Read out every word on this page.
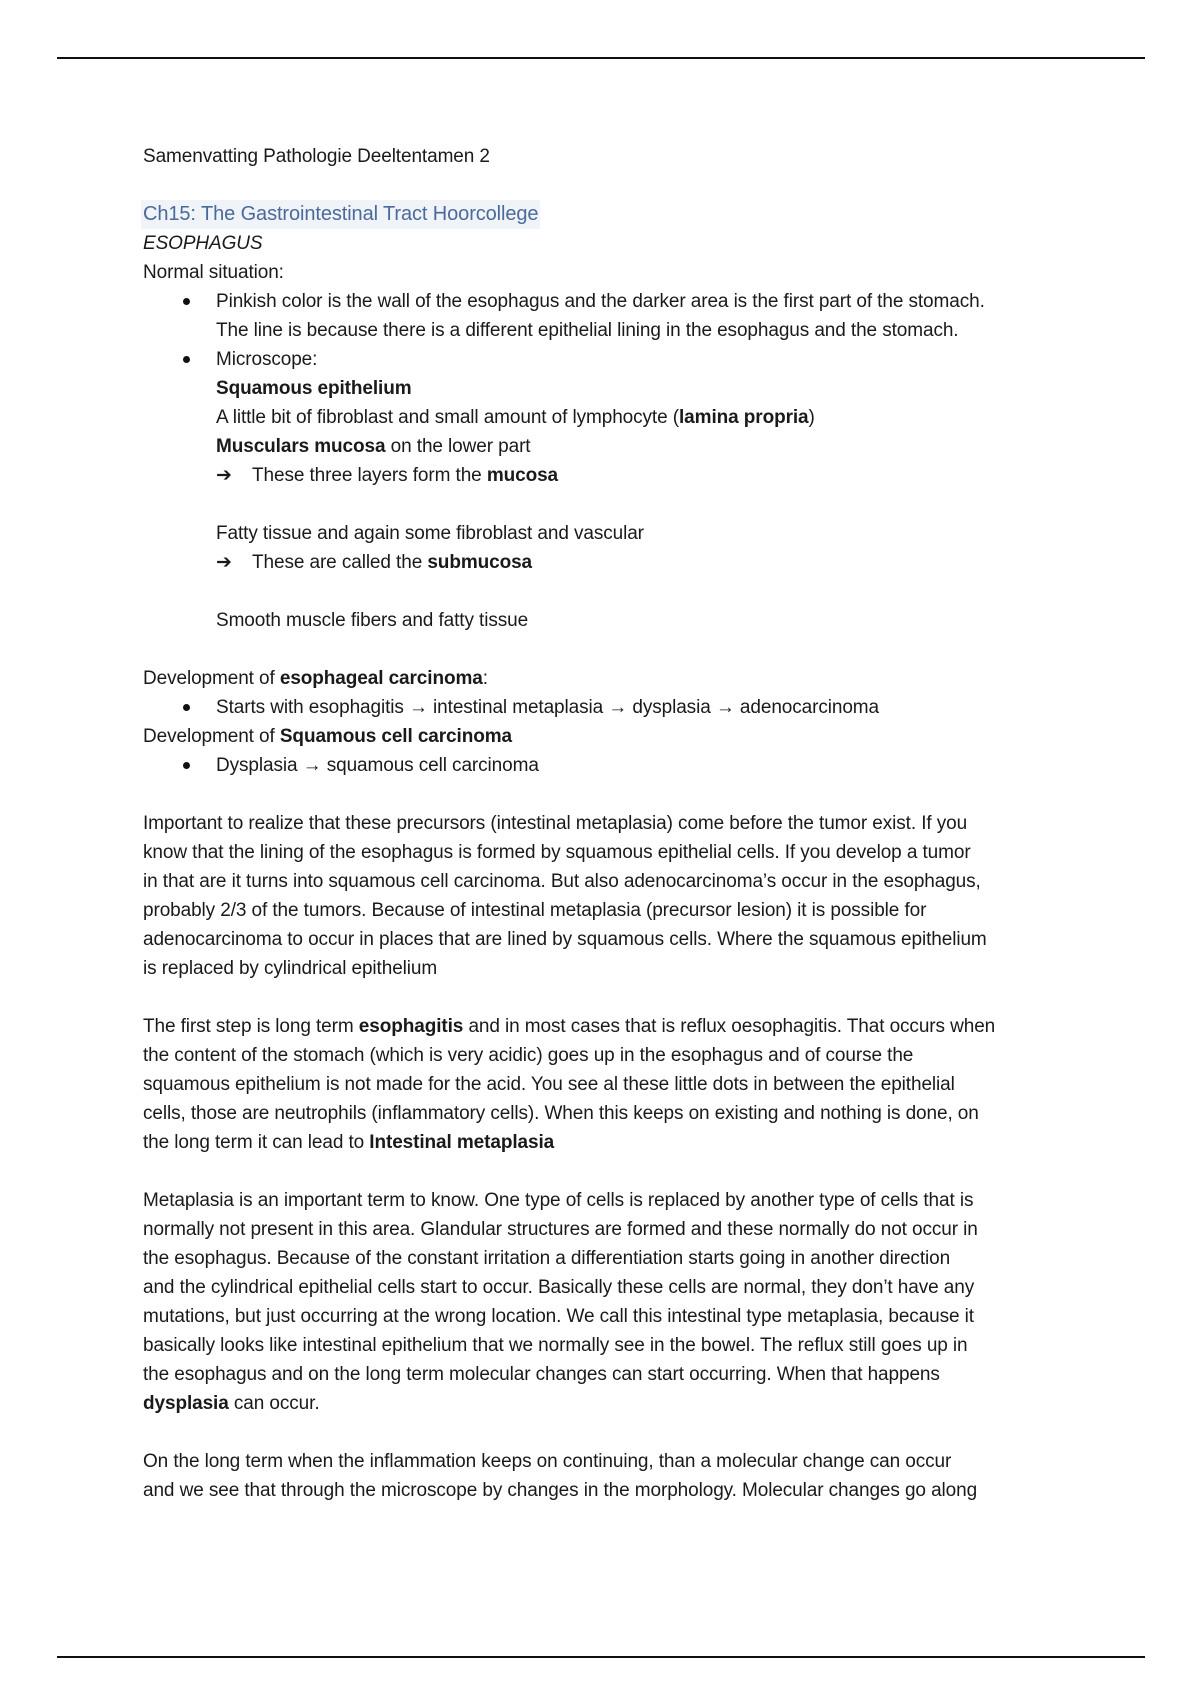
Samenvatting Pathologie Deeltentamen 2

Ch15: The Gastrointestinal Tract Hoorcollege

ESOPHAGUS

Normal situation:

Pinkish color is the wall of the esophagus and the darker area is the first part of the stomach.

The line is because there is a different epithelial lining in the esophagus and the stomach.

Microscope:

Squamous epithelium

A little bit of fibroblast and small amount of lymphocyte (lamina propria)

Musculars mucosa on the lower part

➔ These three layers form the mucosa

Fatty tissue and again some fibroblast and vascular

➔ These are called the submucosa

Smooth muscle fibers and fatty tissue

Development of esophageal carcinoma:

Starts with esophagitis → intestinal metaplasia → dysplasia → adenocarcinoma

Development of Squamous cell carcinoma

Dysplasia → squamous cell carcinoma

Important to realize that these precursors (intestinal metaplasia) come before the tumor exist. If you

know that the lining of the esophagus is formed by squamous epithelial cells. If you develop a tumor

in that are it turns into squamous cell carcinoma. But also adenocarcinoma’s occur in the esophagus,

probably 2/3 of the tumors. Because of intestinal metaplasia (precursor lesion) it is possible for

adenocarcinoma to occur in places that are lined by squamous cells. Where the squamous epithelium

is replaced by cylindrical epithelium

The first step is long term esophagitis and in most cases that is reflux oesophagitis. That occurs when

the content of the stomach (which is very acidic) goes up in the esophagus and of course the

squamous epithelium is not made for the acid. You see al these little dots in between the epithelial

cells, those are neutrophils (inflammatory cells). When this keeps on existing and nothing is done, on

the long term it can lead to Intestinal metaplasia

Metaplasia is an important term to know. One type of cells is replaced by another type of cells that is

normally not present in this area. Glandular structures are formed and these normally do not occur in

the esophagus. Because of the constant irritation a differentiation starts going in another direction

and the cylindrical epithelial cells start to occur. Basically these cells are normal, they don’t have any

mutations, but just occurring at the wrong location. We call this intestinal type metaplasia, because it

basically looks like intestinal epithelium that we normally see in the bowel. The reflux still goes up in

the esophagus and on the long term molecular changes can start occurring. When that happens

dysplasia can occur.

On the long term when the inflammation keeps on continuing, than a molecular change can occur

and we see that through the microscope by changes in the morphology. Molecular changes go along
